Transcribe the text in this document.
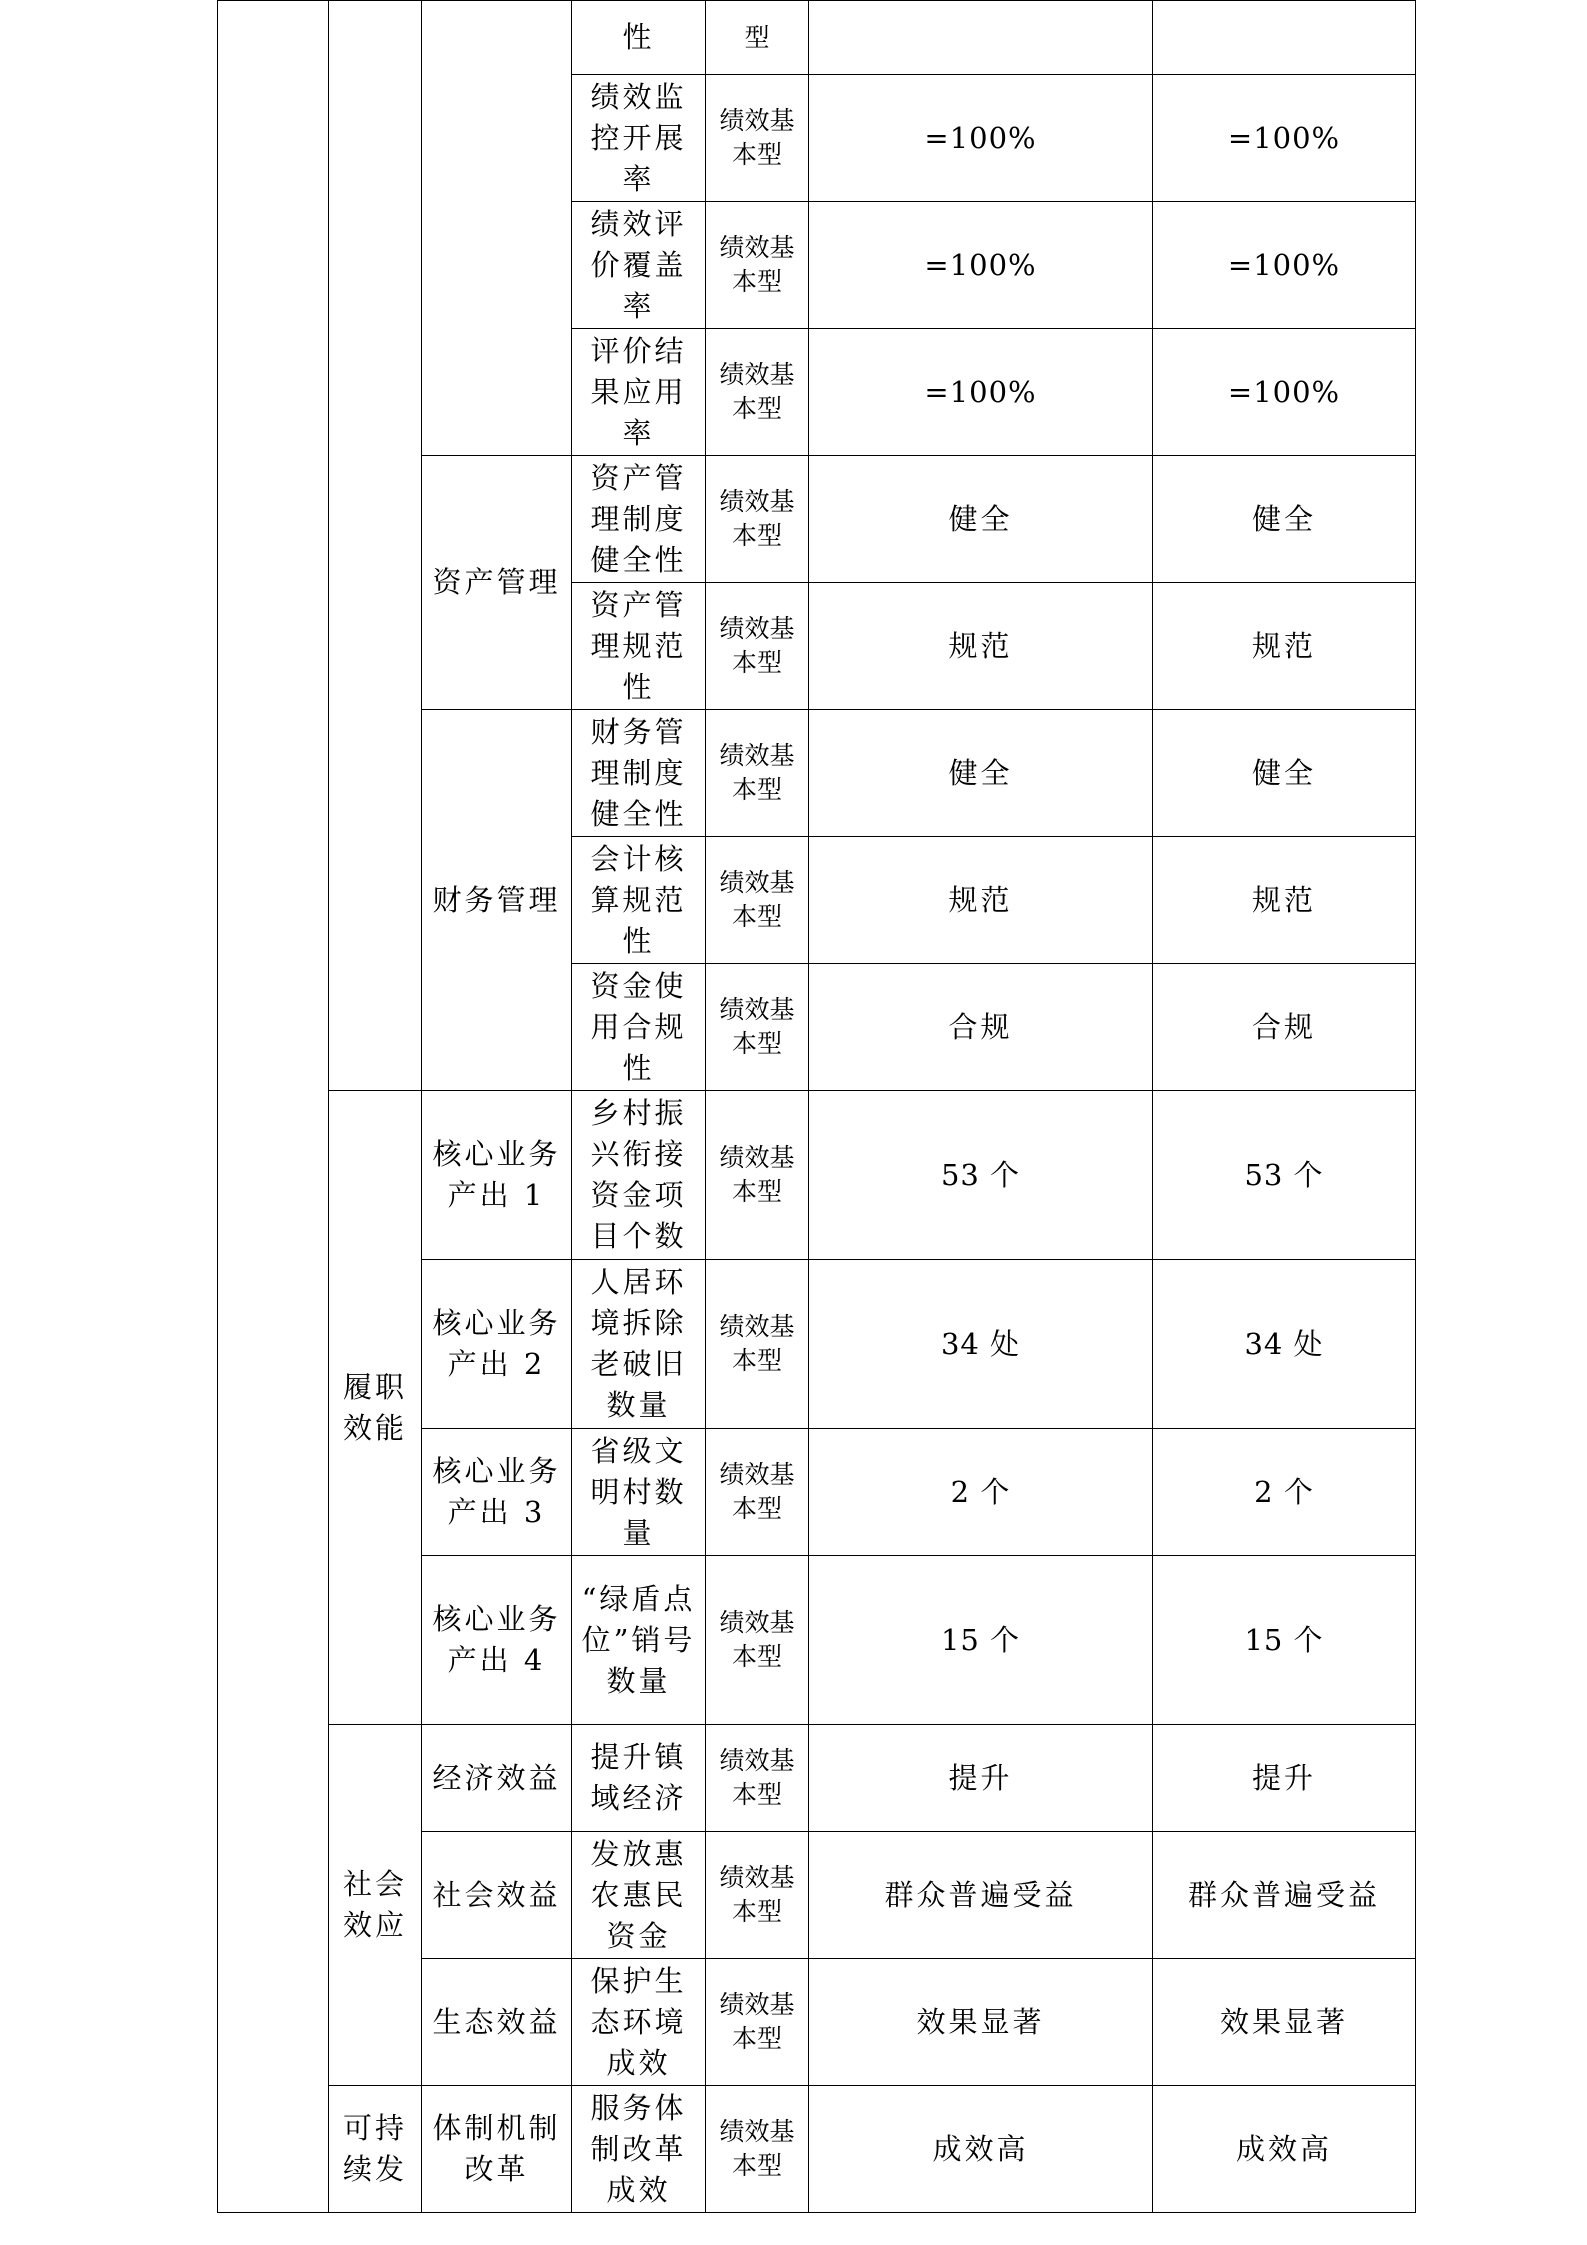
			性	型		
			绩效监控开展率	绩效基本型	=100%	=100%
			绩效评价覆盖率	绩效基本型	=100%	=100%
			评价结果应用率	绩效基本型	=100%	=100%
		资产管理	资产管理制度健全性	绩效基本型	健全	健全
			资产管理规范性	绩效基本型	规范	规范
		财务管理	财务管理制度健全性	绩效基本型	健全	健全
			会计核算规范性	绩效基本型	规范	规范
			资金使用合规性	绩效基本型	合规	合规
	履职效能	核心业务产出 1	乡村振兴衔接资金项目个数	绩效基本型	53 个	53 个
		核心业务产出 2	人居环境拆除老破旧数量	绩效基本型	34 处	34 处
		核心业务产出 3	省级文明村数量	绩效基本型	2 个	2 个
		核心业务产出 4	“绿盾点位”销号数量	绩效基本型	15 个	15 个
	社会效应	经济效益	提升镇域经济	绩效基本型	提升	提升
		社会效益	发放惠农惠民资金	绩效基本型	群众普遍受益	群众普遍受益
		生态效益	保护生态环境成效	绩效基本型	效果显著	效果显著
	可持续发	体制机制改革	服务体制改革成效	绩效基本型	成效高	成效高
